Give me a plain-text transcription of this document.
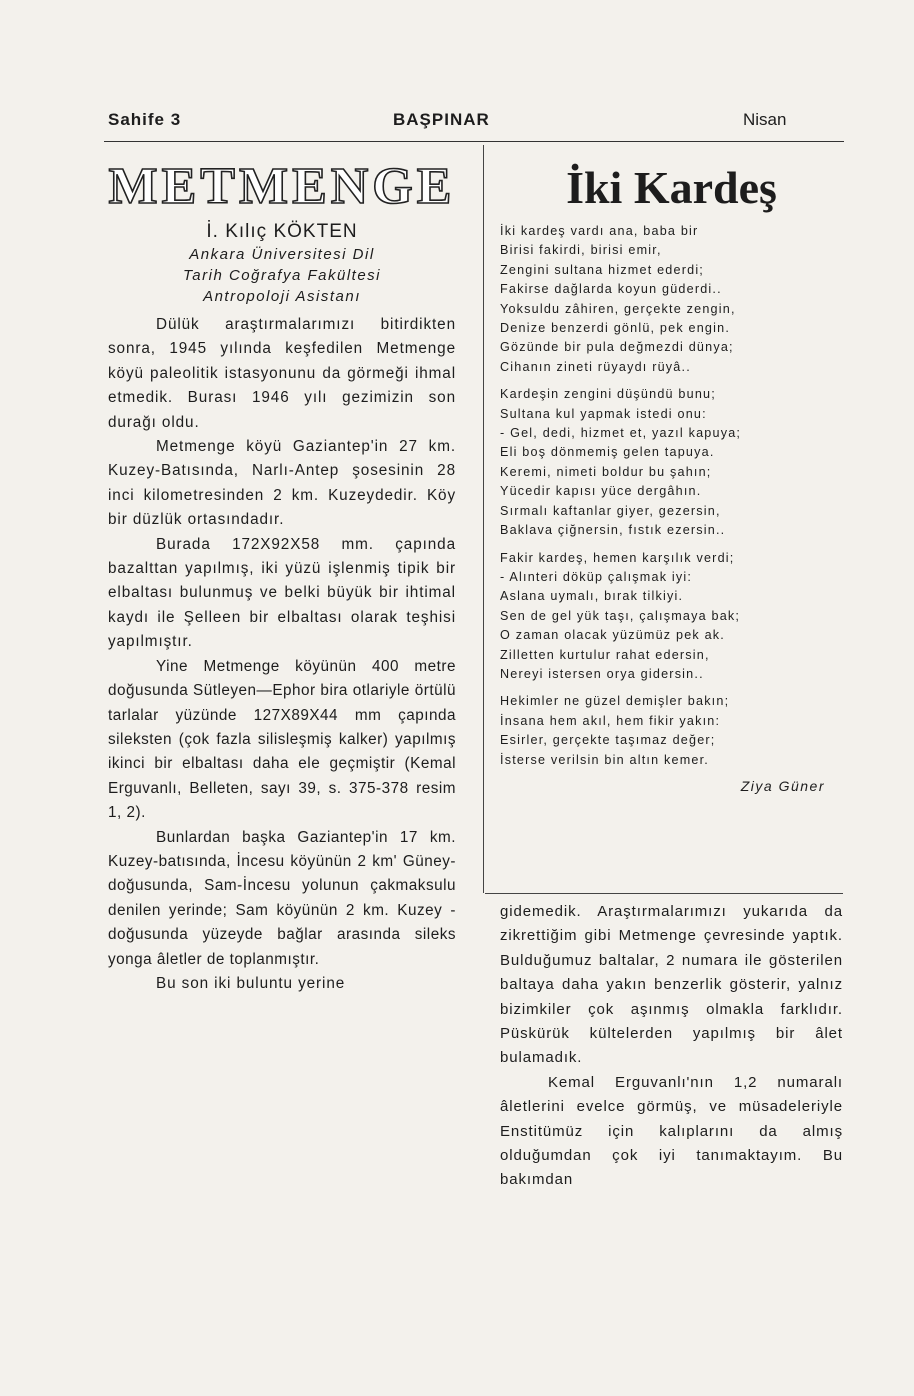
Sahife 3	BAŞPINAR	Nisan
METMENGE
İ. Kılıç KÖKTEN
Ankara Üniversitesi Dil
Tarih Coğrafya Fakültesi
Antropoloji Asistanı

Dülük araştırmalarımızı bitirdikten sonra, 1945 yılında keşfedilen Metmenge köyü paleolitik istasyonunu da görmeği ihmal etmedik. Burası 1946 yılı gezimizin son durağı oldu.

Metmenge köyü Gaziantep'in 27 km. Kuzey-Batısında, Narlı-Antep şosesinin 28 inci kilometresinden 2 km. Kuzeydedir. Köy bir düzlük ortasındadır.

Burada 172X92X58 mm. çapında bazalttan yapılmış, iki yüzü işlenmiş tipik bir elbaltası bulunmuş ve belki büyük bir ihtimal kaydı ile Şelleen bir elbaltası olarak teşhisi yapılmıştır.

Yine Metmenge köyünün 400 metre doğusunda Sütleyen—Ephor bira otlariyle örtülü tarlalar yüzünde 127X89X44 mm çapında sileksten (çok fazla silisleşmiş kalker) yapılmış ikinci bir elbaltası daha ele geçmiştir (Kemal Erguvanlı, Belleten, sayı 39, s. 375-378 resim 1, 2).

Bunlardan başka Gaziantep'in 17 km. Kuzey-batısında, İncesu köyünün 2 km' Güney-doğusunda, Sam-İncesu yolunun çakmaksulu denilen yerinde; Sam köyünün 2 km. Kuzey - doğusunda yüzeyde bağlar arasında sileks yonga âletler de toplanmıştır.

Bu son iki buluntu yerine

İki Kardeş
İki kardeş vardı ana, baba bir
Birisi fakirdi, birisi emir,
Zengini sultana hizmet ederdi;
Fakirse dağlarda koyun güderdi..
Yoksuldu zâhiren, gerçekte zengin,
Denize benzerdi gönlü, pek engin.
Gözünde bir pula değmezdi dünya;
Cihanın zineti rüyaydı rüyâ..
Kardeşin zengini düşündü bunu;
Sultana kul yapmak istedi onu:
- Gel, dedi, hizmet et, yazıl kapuya;
Eli boş dönmemiş gelen tapuya.
Keremi, nimeti boldur bu şahın;
Yücedir kapısı yüce dergâhın.
Sırmalı kaftanlar giyer, gezersin,
Baklava çiğnersin, fıstık ezersin..
Fakir kardeş, hemen karşılık verdi;
- Alınteri döküp çalışmak iyi:
Aslana uymalı, bırak tilkiyi.
Sen de gel yük taşı, çalışmaya bak;
O zaman olacak yüzümüz pek ak.
Zilletten kurtulur rahat edersin,
Nereyi istersen orya gidersin..
Hekimler ne güzel demişler bakın;
İnsana hem akıl, hem fikir yakın:
Esirler, gerçekte taşımaz değer;
İsterse verilsin bin altın kemer.
Ziya Güner

gidemedik. Araştırmalarımızı yukarıda da zikrettiğim gibi Metmenge çevresinde yaptık. Bulduğumuz baltalar, 2 numara ile gösterilen baltaya daha yakın benzerlik gösterir, yalnız bizimkiler çok aşınmış olmakla farklıdır. Püskürük kültelerden yapılmış bir âlet bulamadık.

Kemal Erguvanlı'nın 1,2 numaralı âletlerini evelce görmüş, ve müsadeleriyle Enstitümüz için kalıplarını da almış olduğumdan çok iyi tanımaktayım. Bu bakımdan
